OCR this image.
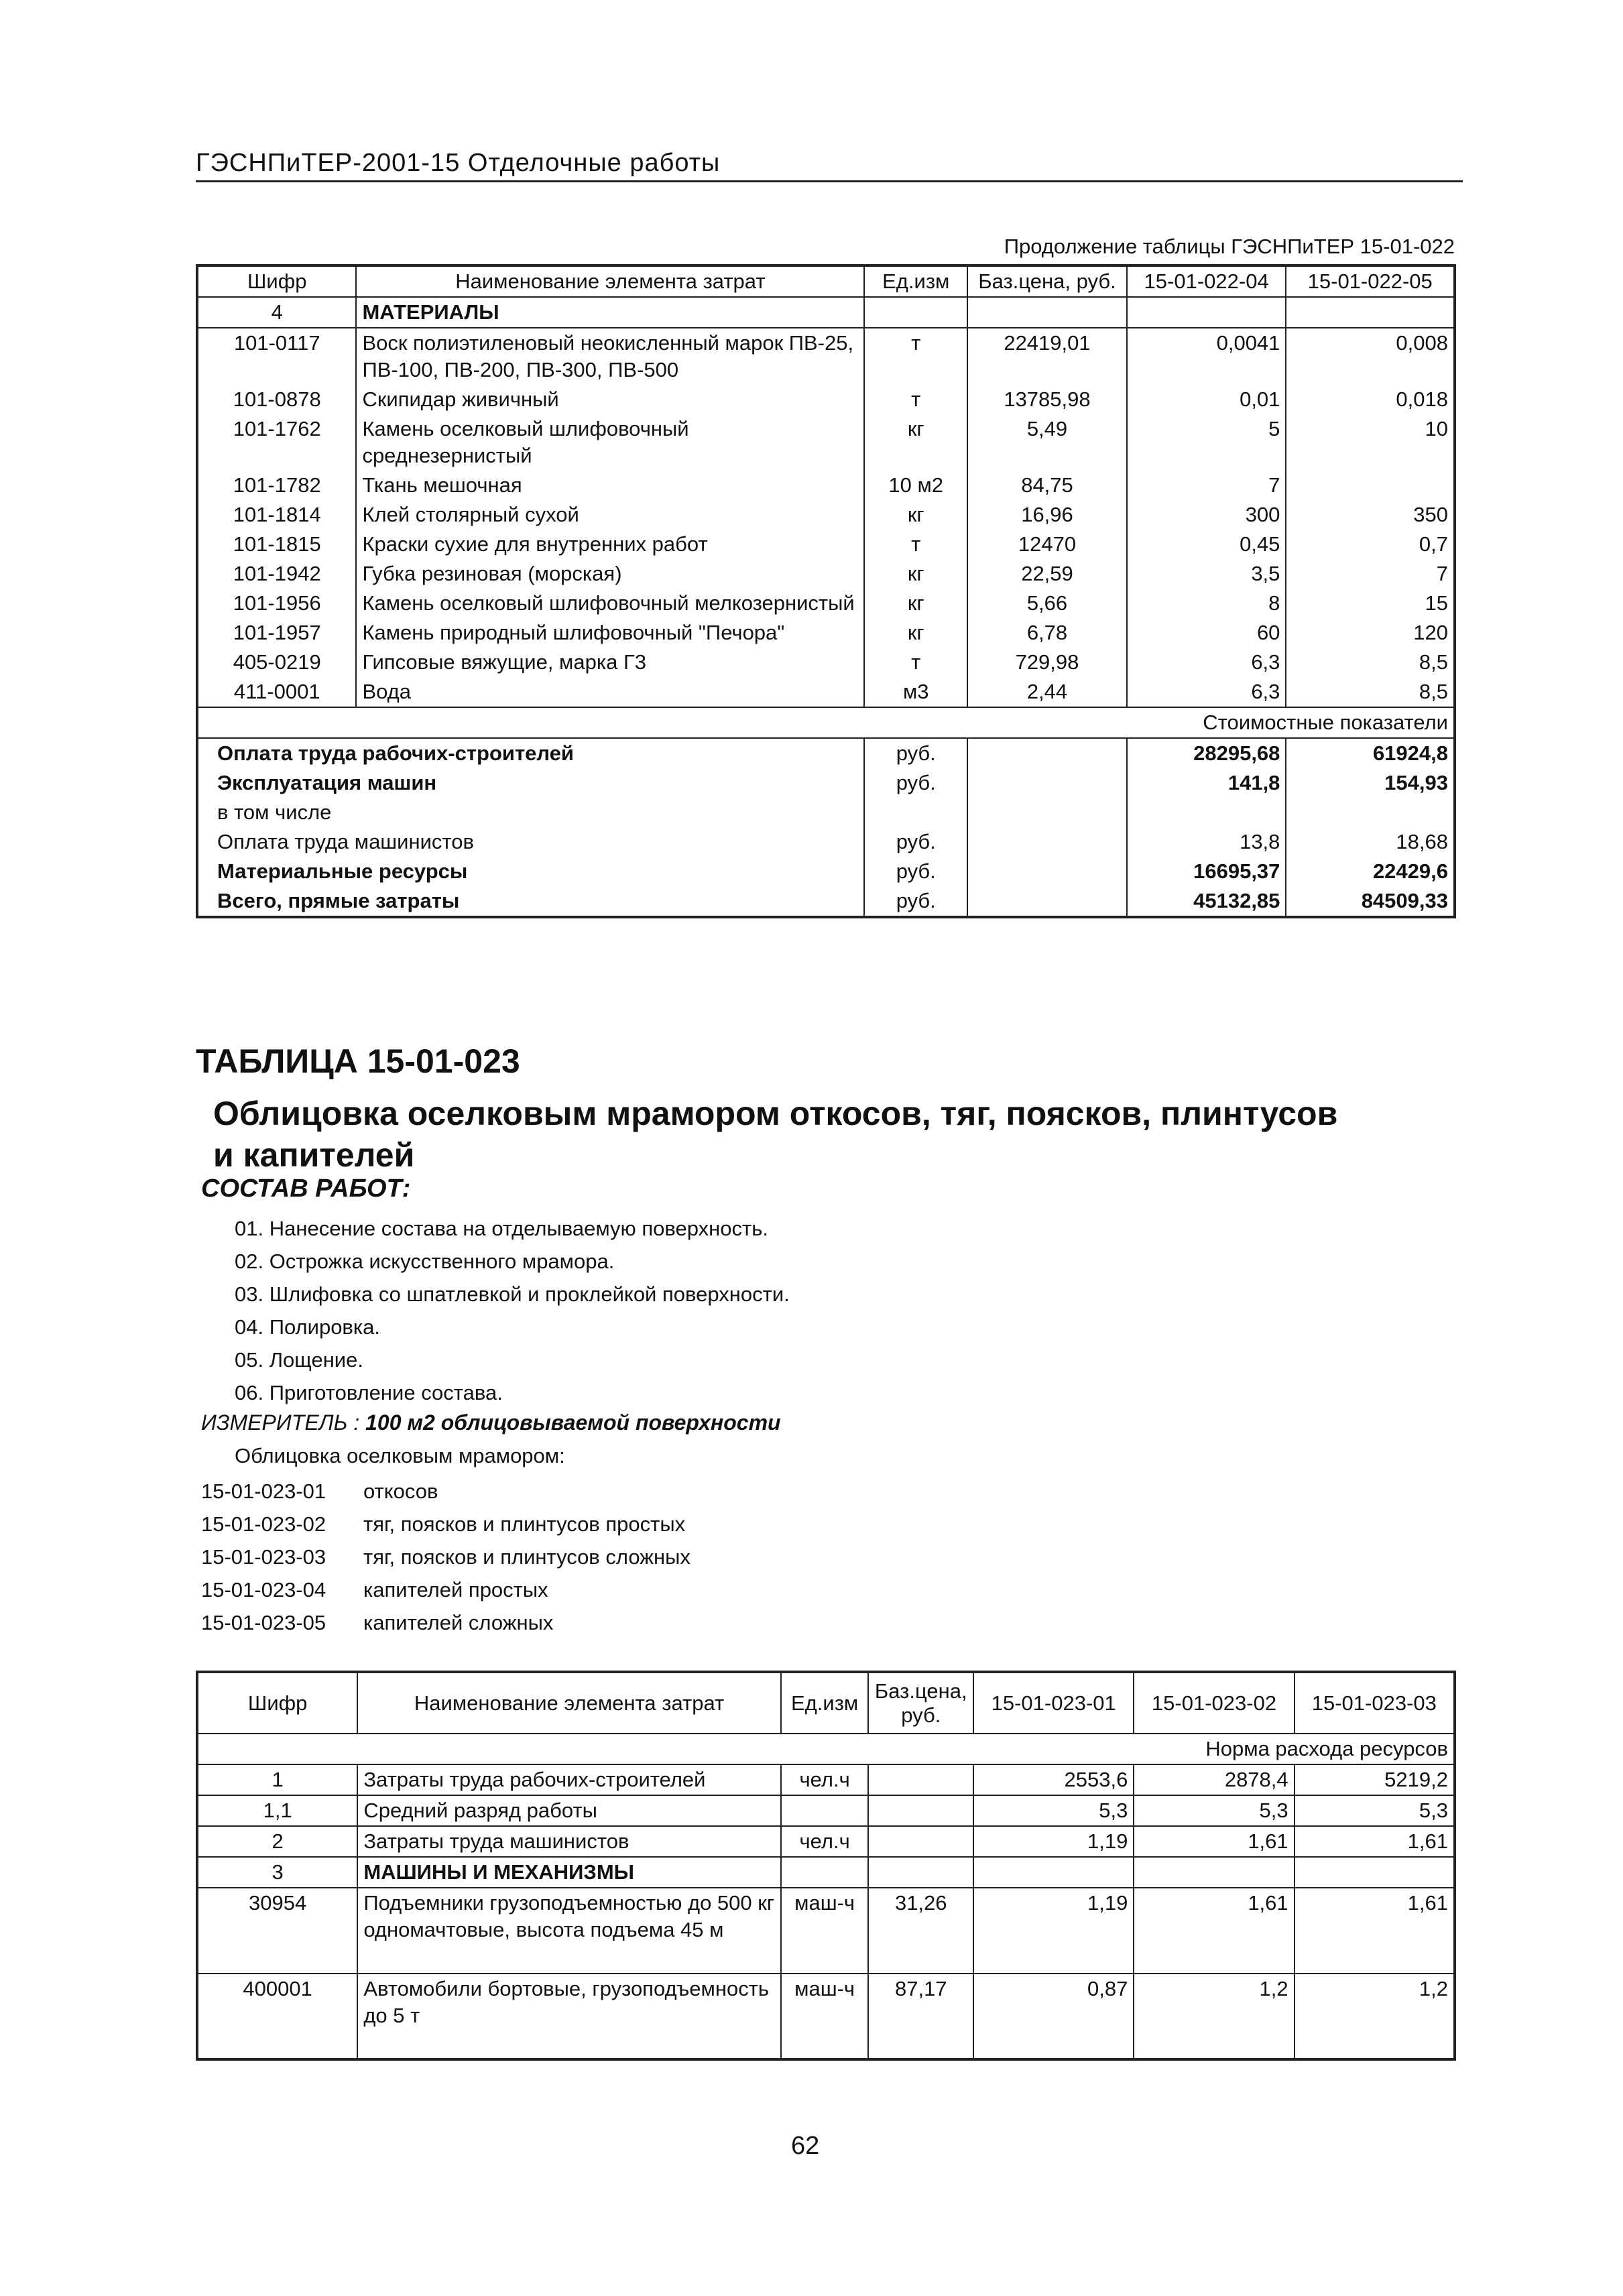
ГЭСНПиТЕР-2001-15 Отделочные работы
Продолжение таблицы ГЭСНПиТЕР 15-01-022
Шифр	Наименование элемента затрат	Ед.изм	Баз.цена, руб.	15-01-022-04	15-01-022-05
4	МАТЕРИАЛЫ				
101-0117	Воск полиэтиленовый неокисленный марок ПВ-25, ПВ-100, ПВ-200, ПВ-300, ПВ-500	т	22419,01	0,0041	0,008
101-0878	Скипидар живичный	т	13785,98	0,01	0,018
101-1762	Камень оселковый шлифовочный среднезернистый	кг	5,49	5	10
101-1782	Ткань мешочная	10 м2	84,75	7	
101-1814	Клей столярный сухой	кг	16,96	300	350
101-1815	Краски сухие для внутренних работ	т	12470	0,45	0,7
101-1942	Губка резиновая (морская)	кг	22,59	3,5	7
101-1956	Камень оселковый шлифовочный мелкозернистый	кг	5,66	8	15
101-1957	Камень природный шлифовочный "Печора"	кг	6,78	60	120
405-0219	Гипсовые вяжущие, марка Г3	т	729,98	6,3	8,5
411-0001	Вода	м3	2,44	6,3	8,5
Стоимостные показатели					
Оплата труда рабочих-строителей		руб.		28295,68	61924,8
Эксплуатация машин		руб.		141,8	154,93
в том числе					
Оплата труда машинистов		руб.		13,8	18,68
Материальные ресурсы		руб.		16695,37	22429,6
Всего, прямые затраты		руб.		45132,85	84509,33
ТАБЛИЦА 15-01-023
Облицовка оселковым мрамором откосов, тяг, поясков, плинтусов и капителей
СОСТАВ РАБОТ:
01. Нанесение состава на отделываемую поверхность.
02. Острожка искусственного мрамора.
03. Шлифовка со шпатлевкой и проклейкой поверхности.
04. Полировка.
05. Лощение.
06. Приготовление состава.
ИЗМЕРИТЕЛЬ : 100 м2 облицовываемой поверхности
Облицовка оселковым мрамором:
15-01-023-01 откосов
15-01-023-02 тяг, поясков и плинтусов простых
15-01-023-03 тяг, поясков и плинтусов сложных
15-01-023-04 капителей простых
15-01-023-05 капителей сложных
Шифр	Наименование элемента затрат	Ед.изм	Баз.цена, руб.	15-01-023-01	15-01-023-02	15-01-023-03
Норма расхода ресурсов						
1	Затраты труда рабочих-строителей	чел.ч		2553,6	2878,4	5219,2
1,1	Средний разряд работы			5,3	5,3	5,3
2	Затраты труда машинистов	чел.ч		1,19	1,61	1,61
3	МАШИНЫ И МЕХАНИЗМЫ					
30954	Подъемники грузоподъемностью до 500 кг одномачтовые, высота подъема 45 м	маш-ч	31,26	1,19	1,61	1,61
400001	Автомобили бортовые, грузоподъемность до 5 т	маш-ч	87,17	0,87	1,2	1,2
62
